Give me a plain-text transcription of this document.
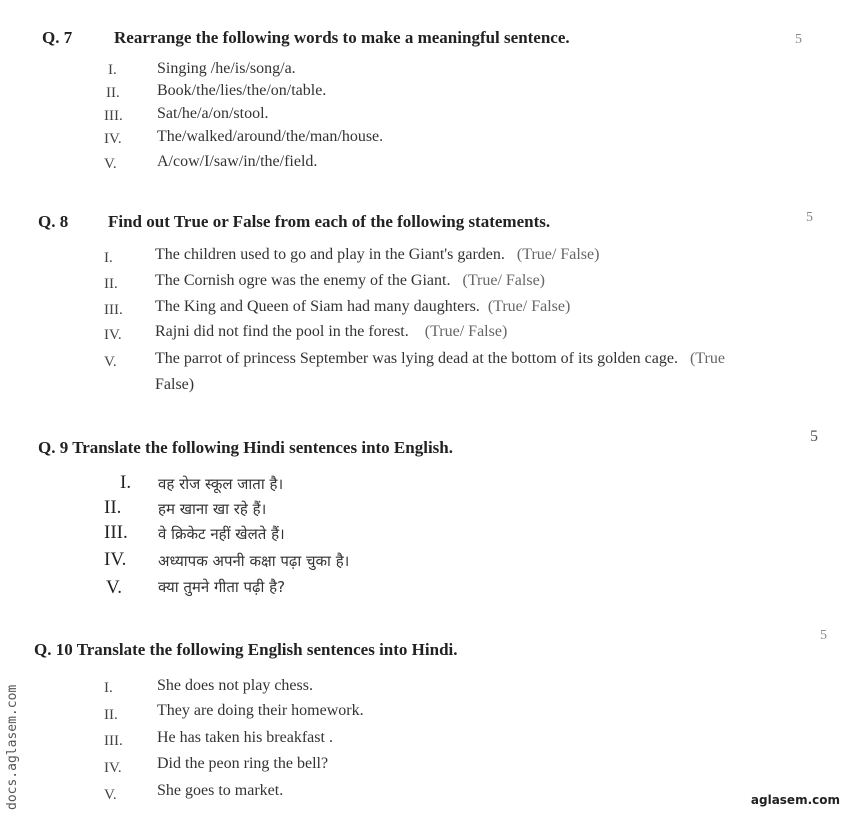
Q. 7 Rearrange the following words to make a meaningful sentence.	5
I.	Singing /he/is/song/a.
II. Book/the/lies/the/on/table.
III. Sat/he/a/on/stool.
IV. The/walked/around/the/man/house.
V.	A/cow/I/saw/in/the/field.
Q. 8 Find out True or False from each of the following statements.	5
I.	The children used to go and play in the Giant's garden. (True/ False)
II. The Cornish ogre was the enemy of the Giant. (True/ False)
III. The King and Queen of Siam had many daughters. (True/ False)
IV. Rajni did not find the pool in the forest. (True/ False)
V. The parrot of princess September was lying dead at the bottom of its golden cage. (True
False)
Q. 9 Translate the following Hindi sentences into English.
5
I. वह रोज स्कूल जाता है।
II. हम खाना खा रहे हैं।
III. वे क्रिकेट नहीं खेलते हैं।
IV. अध्यापक अपनी कक्षा पढ़ा चुका है।
V. क्या तुमने गीता पढ़ी है?
Q. 10 Translate the following English sentences into Hindi.
5
I.	She does not play chess.
II. They are doing their homework.
III. He has taken his breakfast .
IV. Did the peon ring the bell?
V.	She goes to market.
docs.aglasem.com	aglasem.com
